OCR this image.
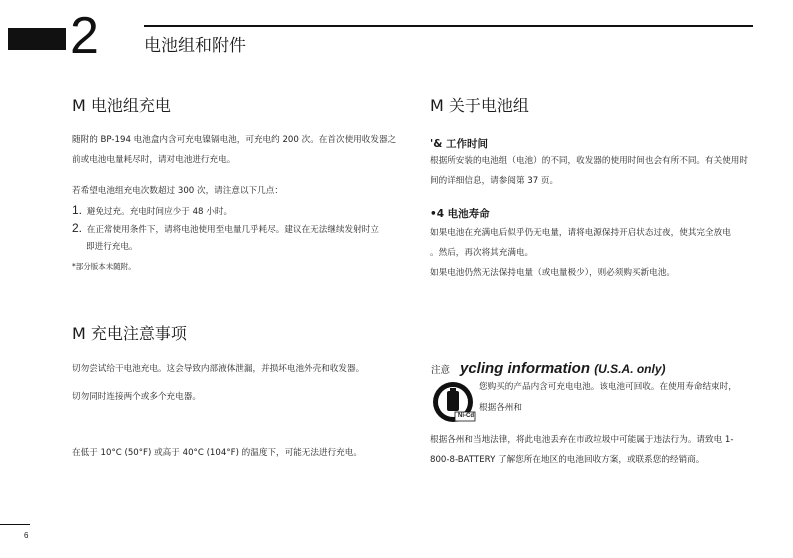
2	电池组和附件
M 电池组充电
随附的 BP-194 电池盒内含可充电镍镉电池，可充电约 200 次。在首次使用收发器之
前或电池电量耗尽时，请对电池进行充电。
若希望电池组充电次数超过 300 次，请注意以下几点：
1. 避免过充。充电时间应少于 48 小时。
2. 在正常使用条件下，请将电池使用至电量几乎耗尽。建议在无法继续发射时立
即进行充电。
*部分版本未随附。
M 关于电池组
'& 工作时间
根据所安装的电池组（电池）的不同，收发器的使用时间也会有所不同。有关使用时
间的详细信息，请参阅第 37 页。
•4 电池寿命
如果电池在充满电后似乎仍无电量，请将电源保持开启状态过夜，使其完全放电
。然后，再次将其充满电。
如果电池仍然无法保持电量（或电量极少），则必须购买新电池。
M 充电注意事项
切勿尝试给干电池充电。这会导致内部液体泄漏，并损坏电池外壳和收发器。
切勿同时连接两个或多个充电器。
在低于 10°C (50°F) 或高于 40°C (104°F) 的温度下，可能无法进行充电。
注意 ycling information (U.S.A. only)
Ni-Cd
您购买的产品内含可充电电池。该电池可回收。在使用寿命结束时，
根据各州和
根据各州和当地法律，将此电池丢弃在市政垃圾中可能属于违法行为。请致电 1-
800-8-BATTERY 了解您所在地区的电池回收方案，或联系您的经销商。
6
